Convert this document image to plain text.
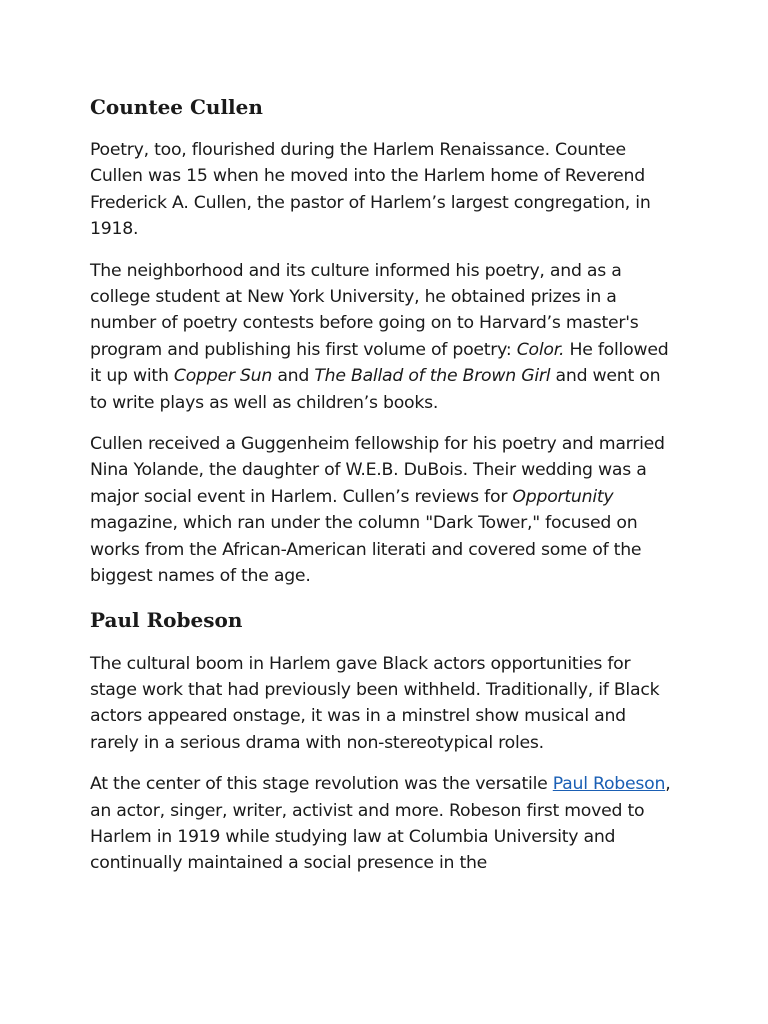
Countee Cullen

Poetry, too, flourished during the Harlem Renaissance. Countee Cullen was 15 when he moved into the Harlem home of Reverend Frederick A. Cullen, the pastor of Harlem’s largest congregation, in 1918.

The neighborhood and its culture informed his poetry, and as a college student at New York University, he obtained prizes in a number of poetry contests before going on to Harvard’s master's program and publishing his first volume of poetry: Color. He followed it up with Copper Sun and The Ballad of the Brown Girl and went on to write plays as well as children’s books.

Cullen received a Guggenheim fellowship for his poetry and married Nina Yolande, the daughter of W.E.B. DuBois. Their wedding was a major social event in Harlem. Cullen’s reviews for Opportunity magazine, which ran under the column "Dark Tower," focused on works from the African-American literati and covered some of the biggest names of the age.

Paul Robeson

The cultural boom in Harlem gave Black actors opportunities for stage work that had previously been withheld. Traditionally, if Black actors appeared onstage, it was in a minstrel show musical and rarely in a serious drama with non-stereotypical roles.

At the center of this stage revolution was the versatile Paul Robeson, an actor, singer, writer, activist and more. Robeson first moved to Harlem in 1919 while studying law at Columbia University and continually maintained a social presence in the
